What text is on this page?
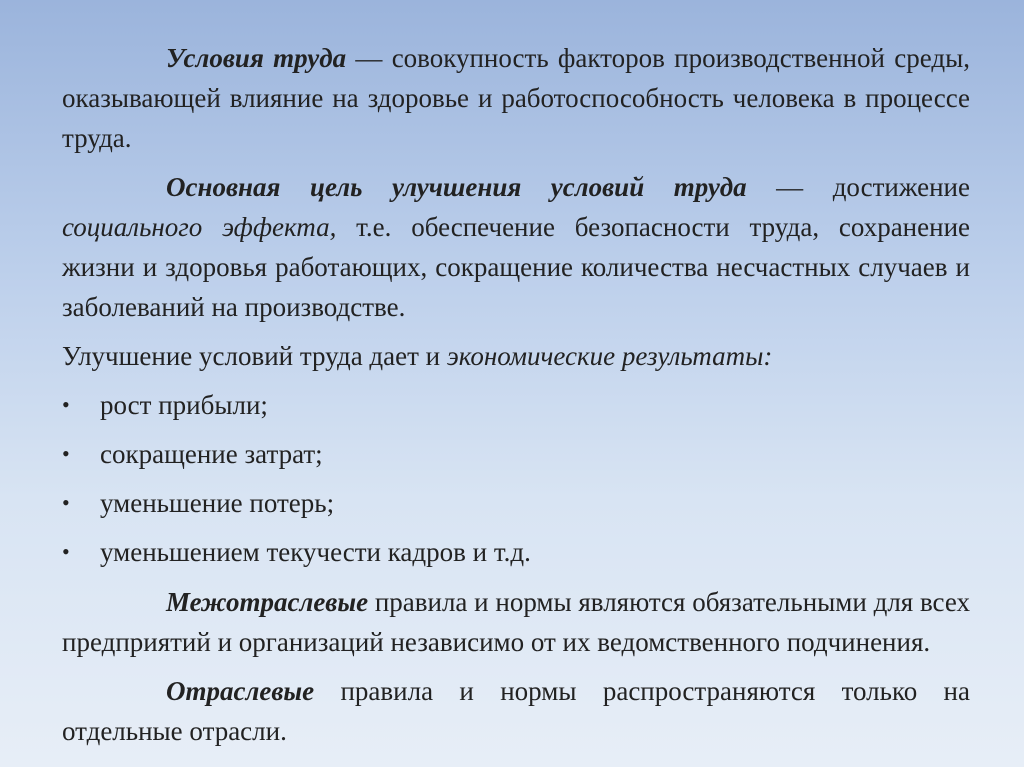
Условия труда — совокупность факторов производственной среды, оказывающей влияние на здоровье и работоспособность человека в процессе труда.

Основная цель улучшения условий труда — достижение социального эффекта, т.е. обеспечение безопасности труда, сохранение жизни и здоровья работающих, сокращение количества несчастных случаев и заболеваний на производстве.

Улучшение условий труда дает и экономические результаты:

•	рост прибыли;
•	сокращение затрат;
•	уменьшение потерь;
•	уменьшением текучести кадров и т.д.

Межотраслевые правила и нормы являются обязательными для всех предприятий и организаций независимо от их ведомственного подчинения.

Отраслевые правила и нормы распространяются только на отдельные отрасли.
